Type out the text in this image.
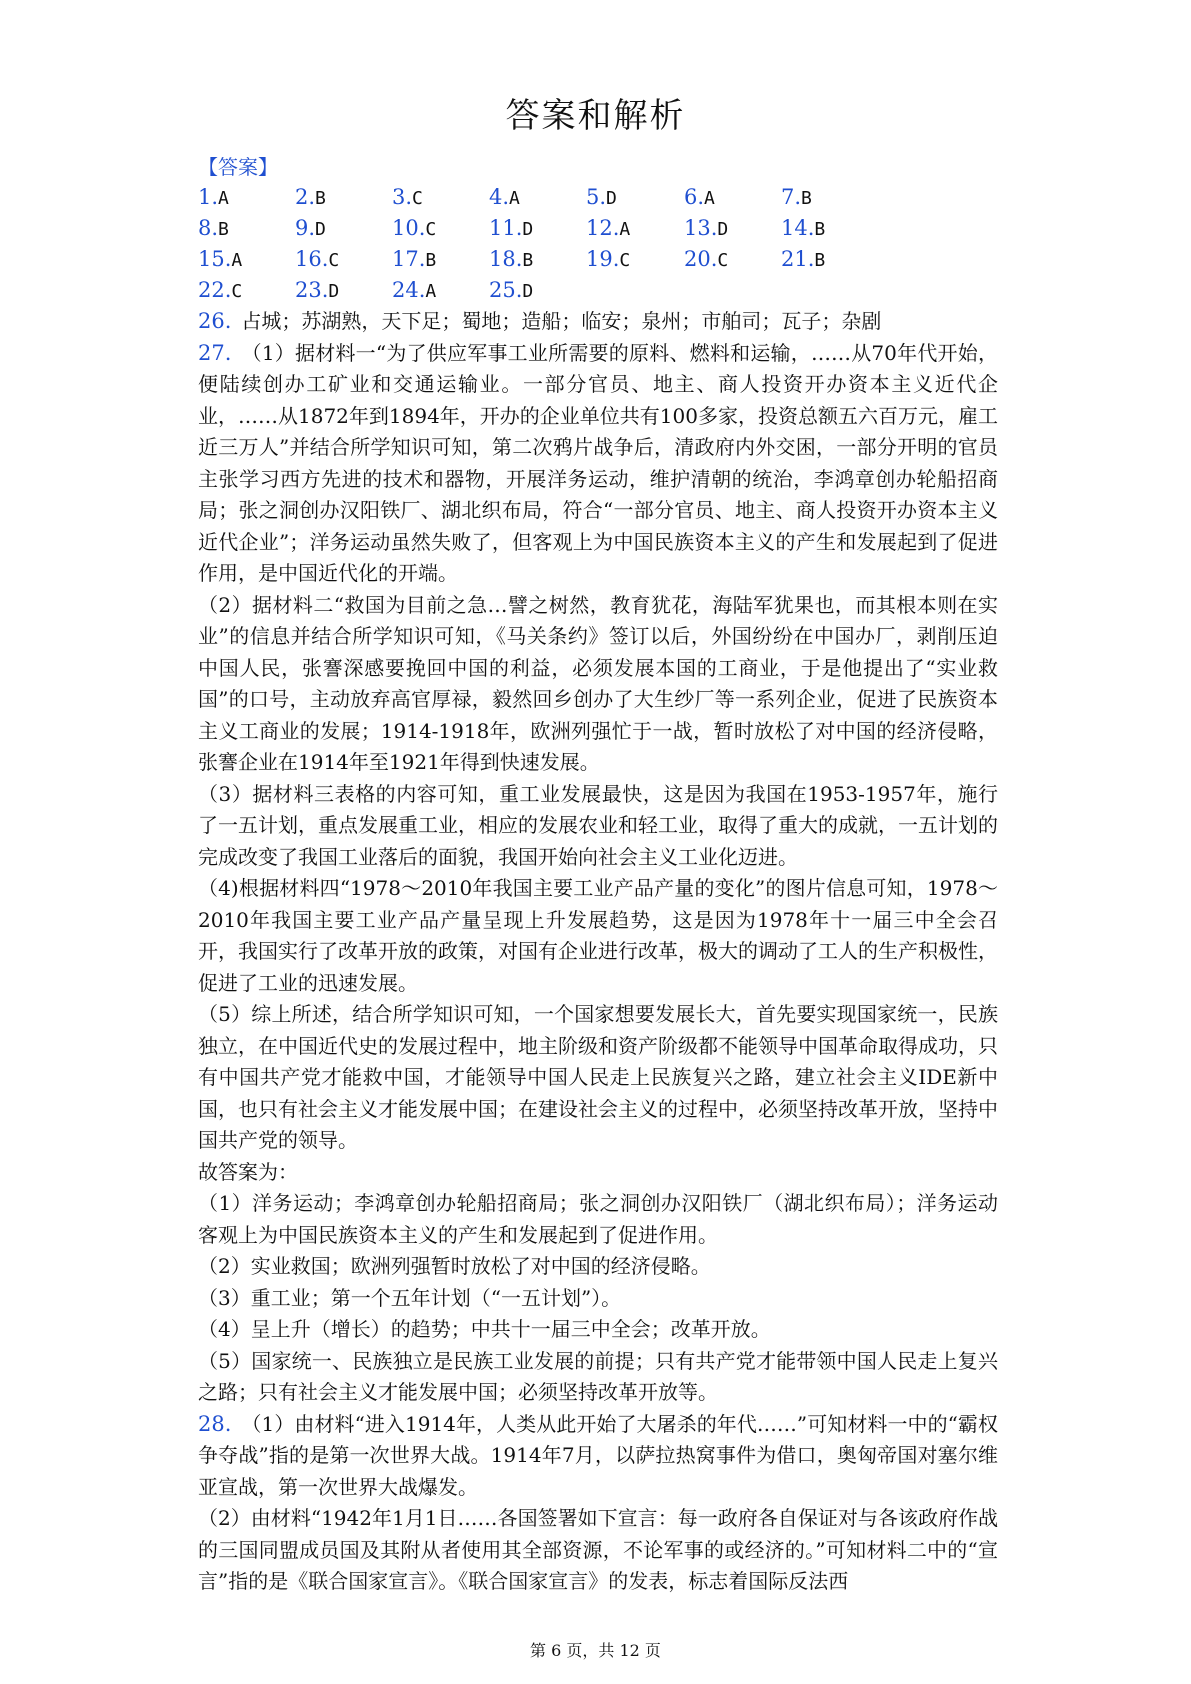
答案和解析
【答案】
1.A	2.B	3.C	4.A	5.D	6.A	7.B
8.B	9.D	10.C	11.D	12.A	13.D	14.B
15.A	16.C	17.B	18.B	19.C	20.C	21.B
22.C	23.D	24.A	25.D
26. 占城；苏湖熟，天下足；蜀地；造船；临安；泉州；市舶司；瓦子；杂剧

27. （1）据材料一“为了供应军事工业所需要的原料、燃料和运输，……从70年代开始，便陆续创办工矿业和交通运输业。一部分官员、地主、商人投资开办资本主义近代企业，……从1872年到1894年，开办的企业单位共有100多家，投资总额五六百万元，雇工近三万人”并结合所学知识可知，第二次鸦片战争后，清政府内外交困，一部分开明的官员主张学习西方先进的技术和器物，开展洋务运动，维护清朝的统治，李鸿章创办轮船招商局；张之洞创办汉阳铁厂、湖北织布局，符合“一部分官员、地主、商人投资开办资本主义近代企业”；洋务运动虽然失败了，但客观上为中国民族资本主义的产生和发展起到了促进作用，是中国近代化的开端。

（2）据材料二“救国为目前之急…譬之树然，教育犹花，海陆军犹果也，而其根本则在实业”的信息并结合所学知识可知，《马关条约》签订以后，外国纷纷在中国办厂，剥削压迫中国人民，张謇深感要挽回中国的利益，必须发展本国的工商业，于是他提出了“实业救国”的口号，主动放弃高官厚禄，毅然回乡创办了大生纱厂等一系列企业，促进了民族资本主义工商业的发展；1914-1918年，欧洲列强忙于一战，暂时放松了对中国的经济侵略，张謇企业在1914年至1921年得到快速发展。

（3）据材料三表格的内容可知，重工业发展最快，这是因为我国在1953-1957年，施行了一五计划，重点发展重工业，相应的发展农业和轻工业，取得了重大的成就，一五计划的完成改变了我国工业落后的面貌，我国开始向社会主义工业化迈进。

（4)根据材料四“1978～2010年我国主要工业产品产量的变化”的图片信息可知，1978～2010年我国主要工业产品产量呈现上升发展趋势，这是因为1978年十一届三中全会召开，我国实行了改革开放的政策，对国有企业进行改革，极大的调动了工人的生产积极性，促进了工业的迅速发展。

（5）综上所述，结合所学知识可知，一个国家想要发展长大，首先要实现国家统一，民族独立，在中国近代史的发展过程中，地主阶级和资产阶级都不能领导中国革命取得成功，只有中国共产党才能救中国，才能领导中国人民走上民族复兴之路，建立社会主义IDE新中国，也只有社会主义才能发展中国；在建设社会主义的过程中，必须坚持改革开放，坚持中国共产党的领导。

故答案为：

（1）洋务运动；李鸿章创办轮船招商局；张之洞创办汉阳铁厂（湖北织布局）；洋务运动客观上为中国民族资本主义的产生和发展起到了促进作用。

（2）实业救国；欧洲列强暂时放松了对中国的经济侵略。

（3）重工业；第一个五年计划（“一五计划”）。

（4）呈上升（增长）的趋势；中共十一届三中全会；改革开放。

（5）国家统一、民族独立是民族工业发展的前提；只有共产党才能带领中国人民走上复兴之路；只有社会主义才能发展中国；必须坚持改革开放等。

28. （1）由材料“进入1914年，人类从此开始了大屠杀的年代……”可知材料一中的“霸权争夺战”指的是第一次世界大战。1914年7月，以萨拉热窝事件为借口，奥匈帝国对塞尔维亚宣战，第一次世界大战爆发。

（2）由材料“1942年1月1日……各国签署如下宣言：每一政府各自保证对与各该政府作战的三国同盟成员国及其附从者使用其全部资源，不论军事的或经济的。”可知材料二中的“宣言”指的是《联合国家宣言》。《联合国家宣言》的发表，标志着国际反法西

第 6 页，共 12 页
